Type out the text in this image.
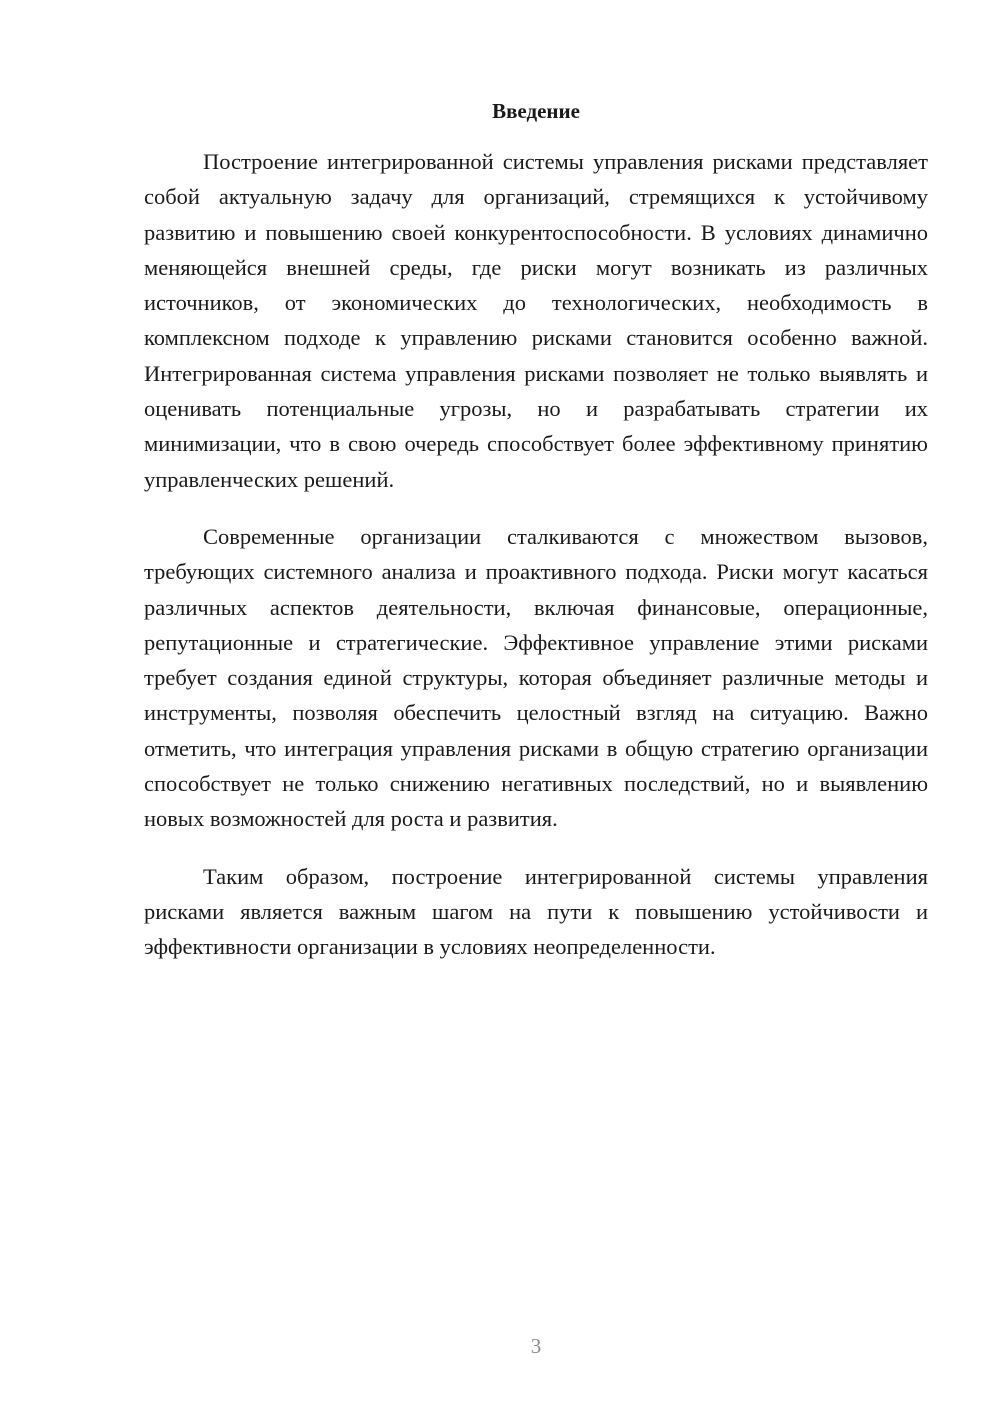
Введение

Построение интегрированной системы управления рисками представляет собой актуальную задачу для организаций, стремящихся к устойчивому развитию и повышению своей конкурентоспособности. В условиях динамично меняющейся внешней среды, где риски могут возникать из различных источников, от экономических до технологических, необходимость в комплексном подходе к управлению рисками становится особенно важной. Интегрированная система управления рисками позволяет не только выявлять и оценивать потенциальные угрозы, но и разрабатывать стратегии их минимизации, что в свою очередь способствует более эффективному принятию управленческих решений.

Современные организации сталкиваются с множеством вызовов, требующих системного анализа и проактивного подхода. Риски могут касаться различных аспектов деятельности, включая финансовые, операционные, репутационные и стратегические. Эффективное управление этими рисками требует создания единой структуры, которая объединяет различные методы и инструменты, позволяя обеспечить целостный взгляд на ситуацию. Важно отметить, что интеграция управления рисками в общую стратегию организации способствует не только снижению негативных последствий, но и выявлению новых возможностей для роста и развития.

Таким образом, построение интегрированной системы управления рисками является важным шагом на пути к повышению устойчивости и эффективности организации в условиях неопределенности.

3
